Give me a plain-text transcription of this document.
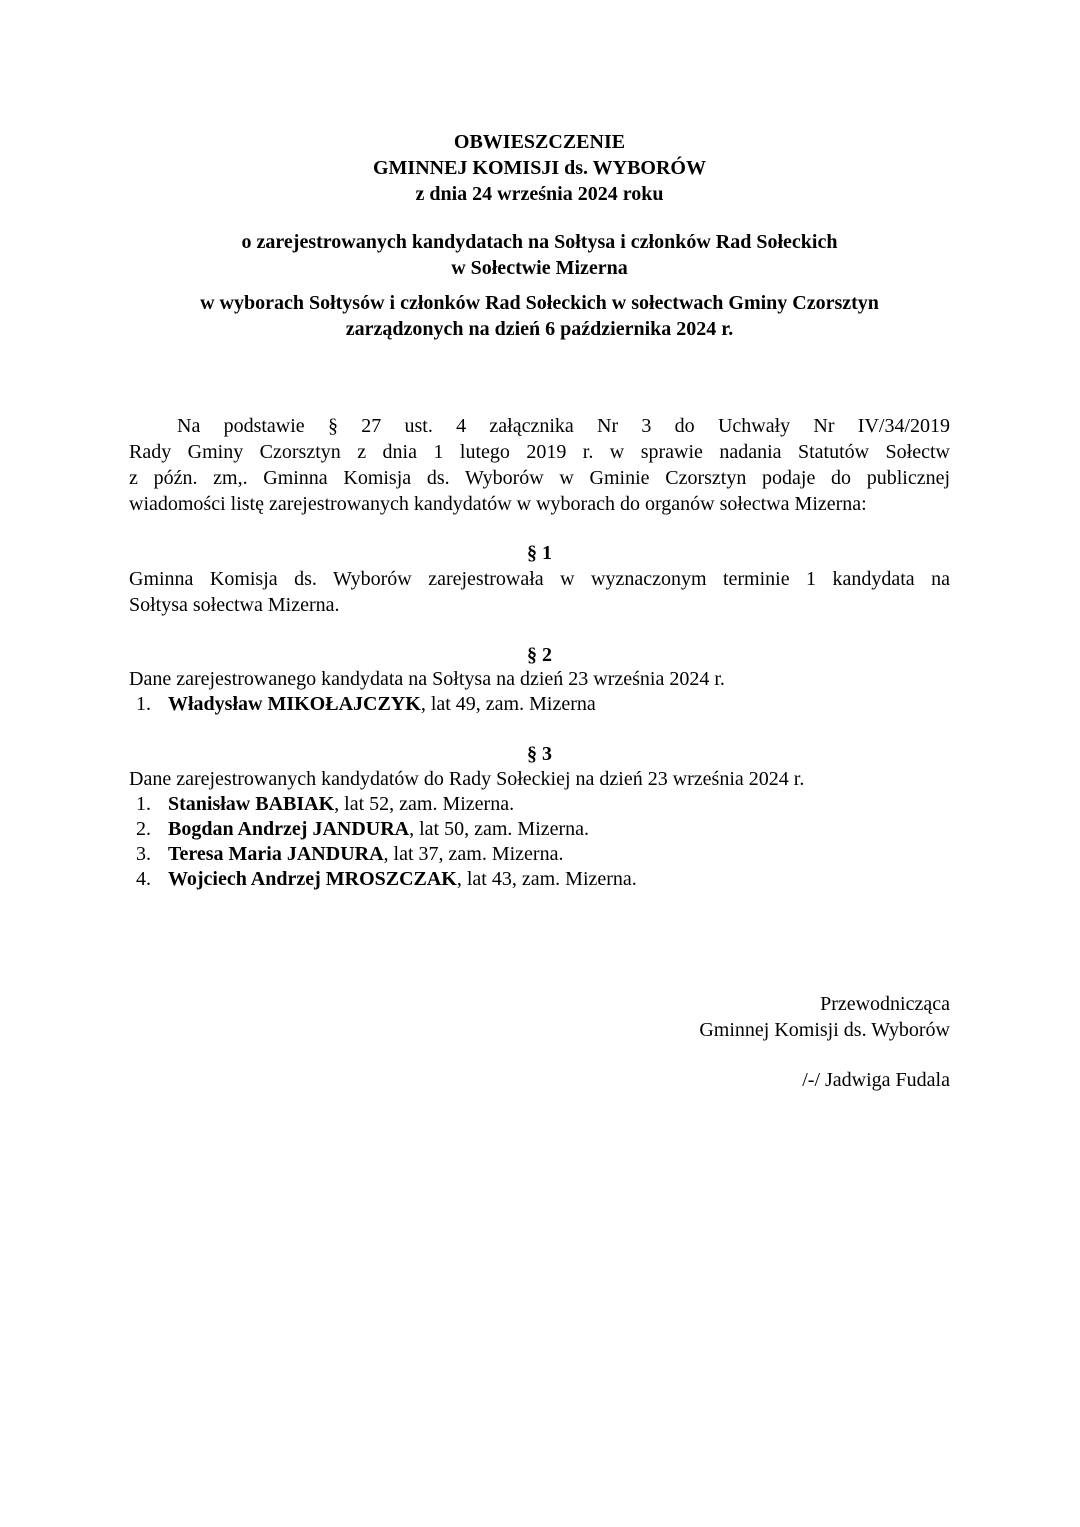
OBWIESZCZENIE
GMINNEJ KOMISJI ds. WYBORÓW
z dnia 24 września 2024 roku
o zarejestrowanych kandydatach na Sołtysa i członków Rad Sołeckich
w Sołectwie Mizerna
w wyborach Sołtysów i członków Rad Sołeckich w sołectwach Gminy Czorsztyn
zarządzonych na dzień 6 października 2024 r.
Na podstawie § 27 ust. 4 załącznika Nr 3 do Uchwały Nr IV/34/2019
Rady Gminy Czorsztyn z dnia 1 lutego 2019 r. w sprawie nadania Statutów Sołectw
z późn. zm,. Gminna Komisja ds. Wyborów w Gminie Czorsztyn podaje do publicznej
wiadomości listę zarejestrowanych kandydatów w wyborach do organów sołectwa Mizerna:
§ 1
Gminna Komisja ds. Wyborów zarejestrowała w wyznaczonym terminie 1 kandydata na
Sołtysa sołectwa Mizerna.
§ 2
Dane zarejestrowanego kandydata na Sołtysa na dzień 23 września 2024 r.
1. Władysław MIKOŁAJCZYK, lat 49, zam. Mizerna
§ 3
Dane zarejestrowanych kandydatów do Rady Sołeckiej na dzień 23 września 2024 r.
1. Stanisław BABIAK, lat 52, zam. Mizerna.
2. Bogdan Andrzej JANDURA, lat 50, zam. Mizerna.
3. Teresa Maria JANDURA, lat 37, zam. Mizerna.
4. Wojciech Andrzej MROSZCZAK, lat 43, zam. Mizerna.
Przewodnicząca
Gminnej Komisji ds. Wyborów
/-/ Jadwiga Fudala
